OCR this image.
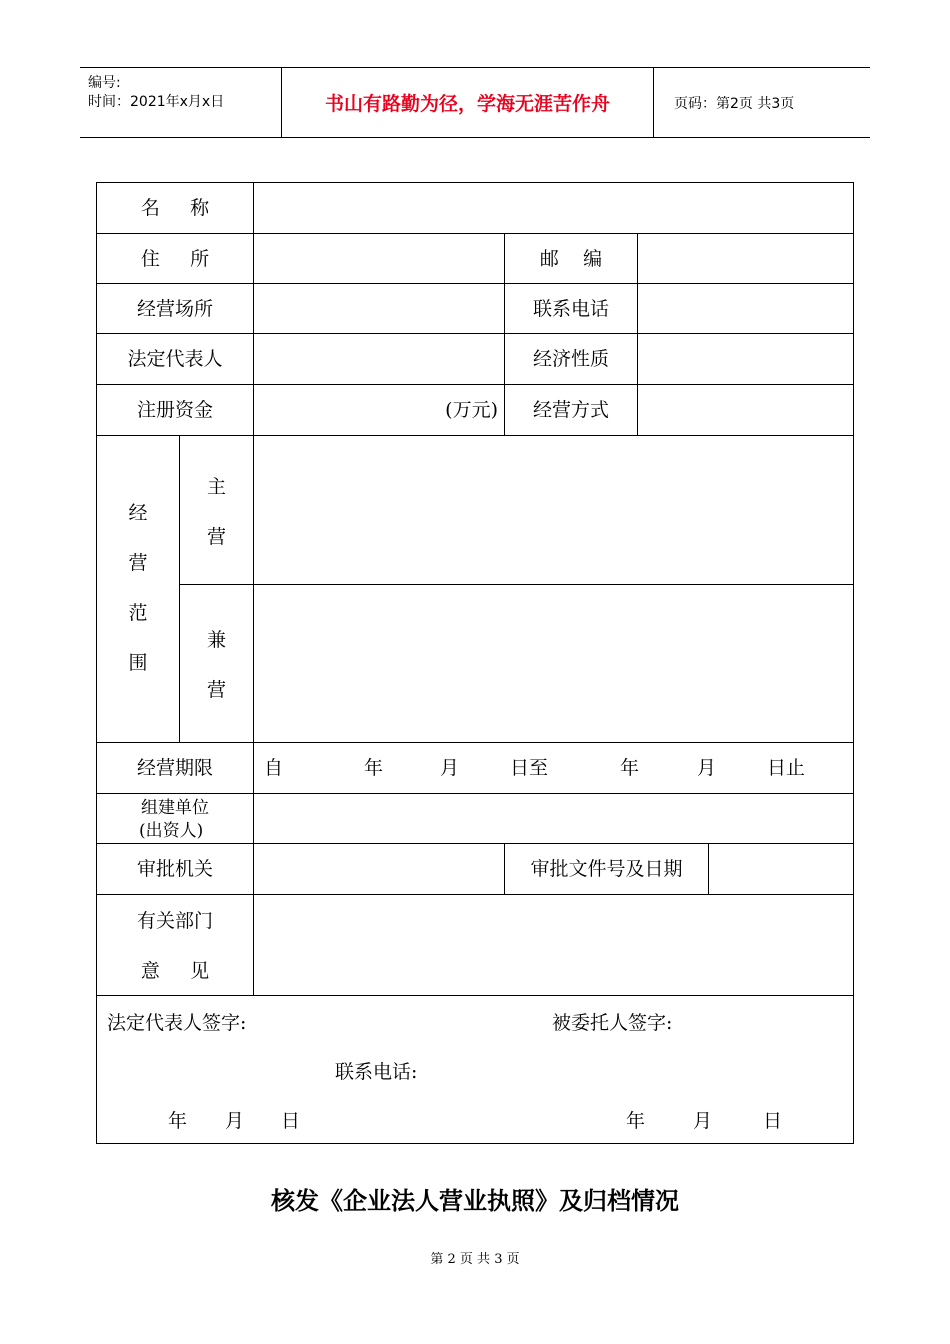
编号:
时间：2021年x月x日	书山有路勤为径，学海无涯苦作舟	页码：第2页 共3页
名     称
住     所	邮    编
经营场所	联系电话
法定代表人	经济性质
注册资金	(万元)	经营方式
经
营
范
围
主
营
兼
营
经营期限	自	年	月	日至	年	月	日止
组建单位
(出资人)
审批机关	审批文件号及日期
有关部门
意     见
法定代表人签字:	被委托人签字:
联系电话:
年 月 日	年	月	日
核发《企业法人营业执照》及归档情况
第 2 页 共 3 页
